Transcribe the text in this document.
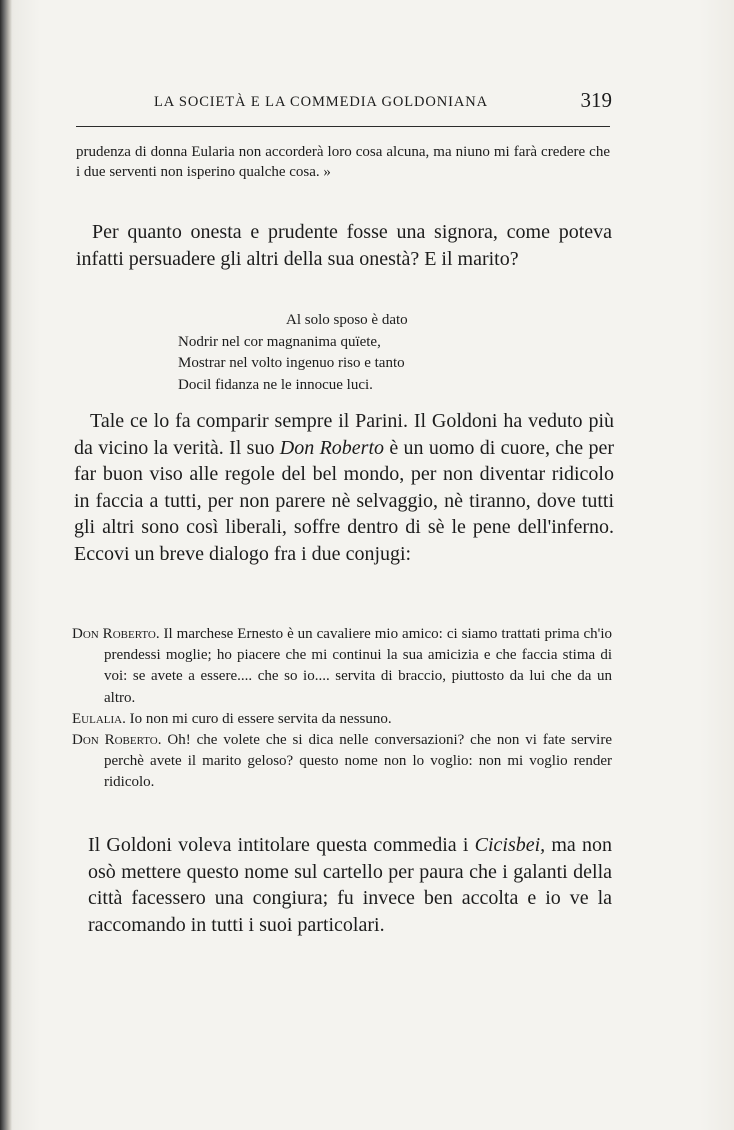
LA SOCIETÀ E LA COMMEDIA GOLDONIANA	319

prudenza di donna Eularia non accorderà loro cosa alcuna, ma niuno mi farà credere che i due serventi non isperino qualche cosa. »

Per quanto onesta e prudente fosse una signora, come poteva infatti persuadere gli altri della sua onestà? E il marito?

Al solo sposo è dato
Nodrir nel cor magnanima quïete,
Mostrar nel volto ingenuo riso e tanto
Docil fidanza ne le innocue luci.

Tale ce lo fa comparir sempre il Parini. Il Goldoni ha veduto più da vicino la verità. Il suo Don Roberto è un uomo di cuore, che per far buon viso alle regole del bel mondo, per non diventar ridicolo in faccia a tutti, per non parere nè selvaggio, nè tiranno, dove tutti gli altri sono così liberali, soffre dentro di sè le pene dell'inferno. Eccovi un breve dialogo fra i due conjugi:

Don Roberto. Il marchese Ernesto è un cavaliere mio amico: ci siamo trattati prima ch'io prendessi moglie; ho piacere che mi continui la sua amicizia e che faccia stima di voi: se avete a essere.... che so io.... servita di braccio, piuttosto da lui che da un altro.

Eulalia. Io non mi curo di essere servita da nessuno.

Don Roberto. Oh! che volete che si dica nelle conversazioni? che non vi fate servire perchè avete il marito geloso? questo nome non lo voglio: non mi voglio render ridicolo.

Il Goldoni voleva intitolare questa commedia i Cicisbei, ma non osò mettere questo nome sul cartello per paura che i galanti della città facessero una congiura; fu invece ben accolta e io ve la raccomando in tutti i suoi particolari.
